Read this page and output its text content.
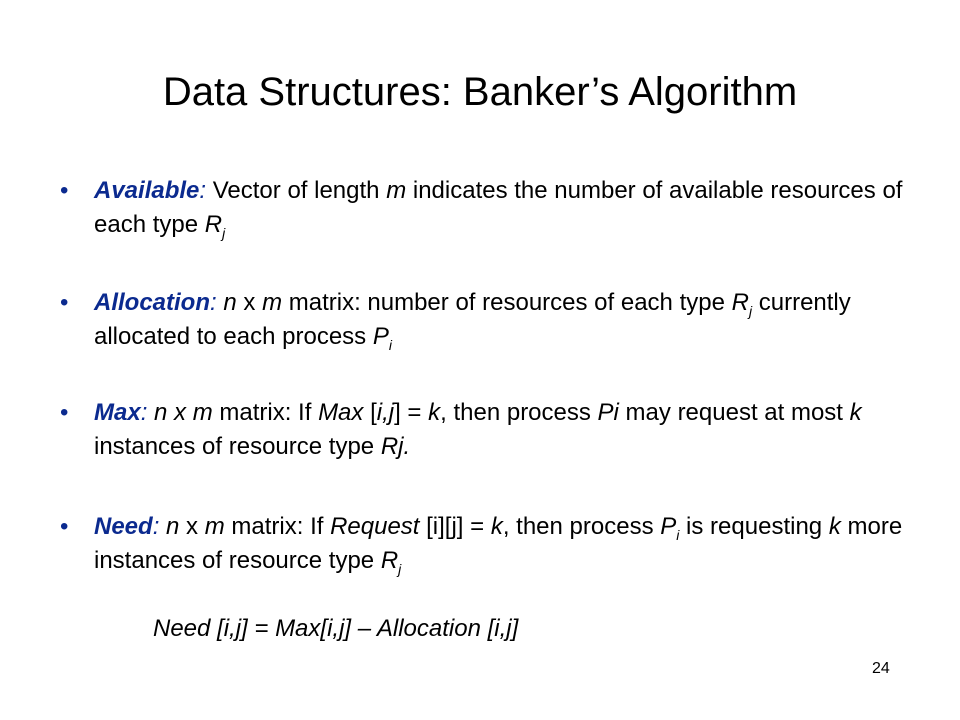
Data Structures: Banker’s Algorithm
• Available: Vector of length m indicates the number of available resources of each type $R_j$
• Allocation: n x m matrix: number of resources of each type $R_j$ currently allocated to each process $P_i$
• Max: n x m matrix: If Max [i,j] = k, then process Pi may request at most k instances of resource type Rj.
• Need: n x m matrix: If Request [i][j] = k, then process $P_i$ is requesting k more instances of resource type $R_j$
Need [i,j] = Max[i,j] – Allocation [i,j]
24
